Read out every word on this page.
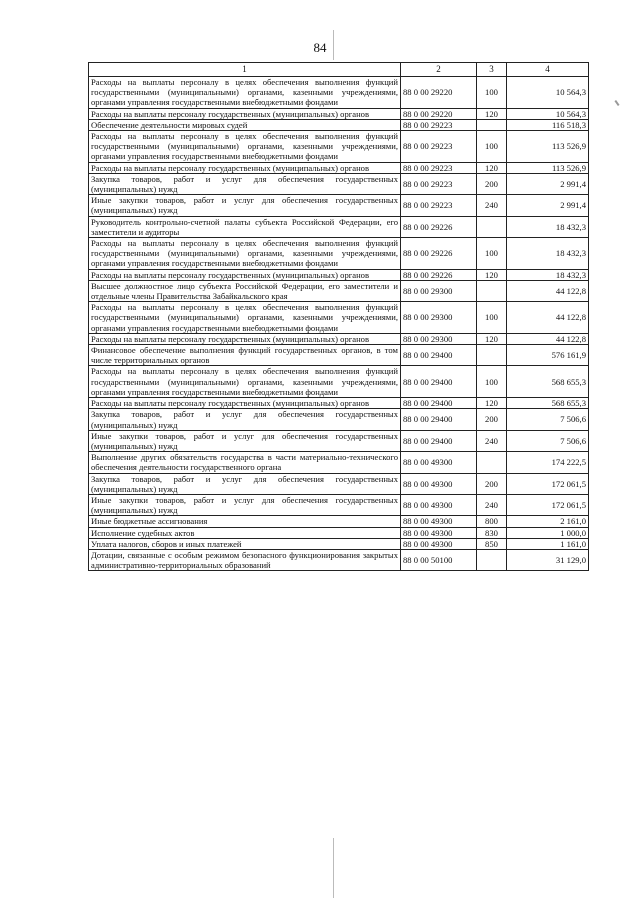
84
1	2	3	4
Расходы на выплаты персоналу в целях обеспечения выполнения функций государственными (муниципальными) органами, казенными учреждениями, органами управления государственными внебюджетными фондами	88 0 00 29220	100	10 564,3
Расходы на выплаты персоналу государственных (муниципальных) органов	88 0 00 29220	120	10 564,3
Обеспечение деятельности мировых судей	88 0 00 29223		116 518,3
Расходы на выплаты персоналу в целях обеспечения выполнения функций государственными (муниципальными) органами, казенными учреждениями, органами управления государственными внебюджетными фондами	88 0 00 29223	100	113 526,9
Расходы на выплаты персоналу государственных (муниципальных) органов	88 0 00 29223	120	113 526,9
Закупка товаров, работ и услуг для обеспечения государственных (муниципальных) нужд	88 0 00 29223	200	2 991,4
Иные закупки товаров, работ и услуг для обеспечения государственных (муниципальных) нужд	88 0 00 29223	240	2 991,4
Руководитель контрольно-счетной палаты субъекта Российской Федерации, его заместители и аудиторы	88 0 00 29226		18 432,3
Расходы на выплаты персоналу в целях обеспечения выполнения функций государственными (муниципальными) органами, казенными учреждениями, органами управления государственными внебюджетными фондами	88 0 00 29226	100	18 432,3
Расходы на выплаты персоналу государственных (муниципальных) органов	88 0 00 29226	120	18 432,3
Высшее должностное лицо субъекта Российской Федерации, его заместители и отдельные члены Правительства Забайкальского края	88 0 00 29300		44 122,8
Расходы на выплаты персоналу в целях обеспечения выполнения функций государственными (муниципальными) органами, казенными учреждениями, органами управления государственными внебюджетными фондами	88 0 00 29300	100	44 122,8
Расходы на выплаты персоналу государственных (муниципальных) органов	88 0 00 29300	120	44 122,8
Финансовое обеспечение выполнения функций государственных органов, в том числе территориальных органов	88 0 00 29400		576 161,9
Расходы на выплаты персоналу в целях обеспечения выполнения функций государственными (муниципальными) органами, казенными учреждениями, органами управления государственными внебюджетными фондами	88 0 00 29400	100	568 655,3
Расходы на выплаты персоналу государственных (муниципальных) органов	88 0 00 29400	120	568 655,3
Закупка товаров, работ и услуг для обеспечения государственных (муниципальных) нужд	88 0 00 29400	200	7 506,6
Иные закупки товаров, работ и услуг для обеспечения государственных (муниципальных) нужд	88 0 00 29400	240	7 506,6
Выполнение других обязательств государства в части материально-технического обеспечения деятельности государственного органа	88 0 00 49300		174 222,5
Закупка товаров, работ и услуг для обеспечения государственных (муниципальных) нужд	88 0 00 49300	200	172 061,5
Иные закупки товаров, работ и услуг для обеспечения государственных (муниципальных) нужд	88 0 00 49300	240	172 061,5
Иные бюджетные ассигнования	88 0 00 49300	800	2 161,0
Исполнение судебных актов	88 0 00 49300	830	1 000,0
Уплата налогов, сборов и иных платежей	88 0 00 49300	850	1 161,0
Дотации, связанные с особым режимом безопасного функционирования закрытых административно-территориальных образований	88 0 00 50100		31 129,0
